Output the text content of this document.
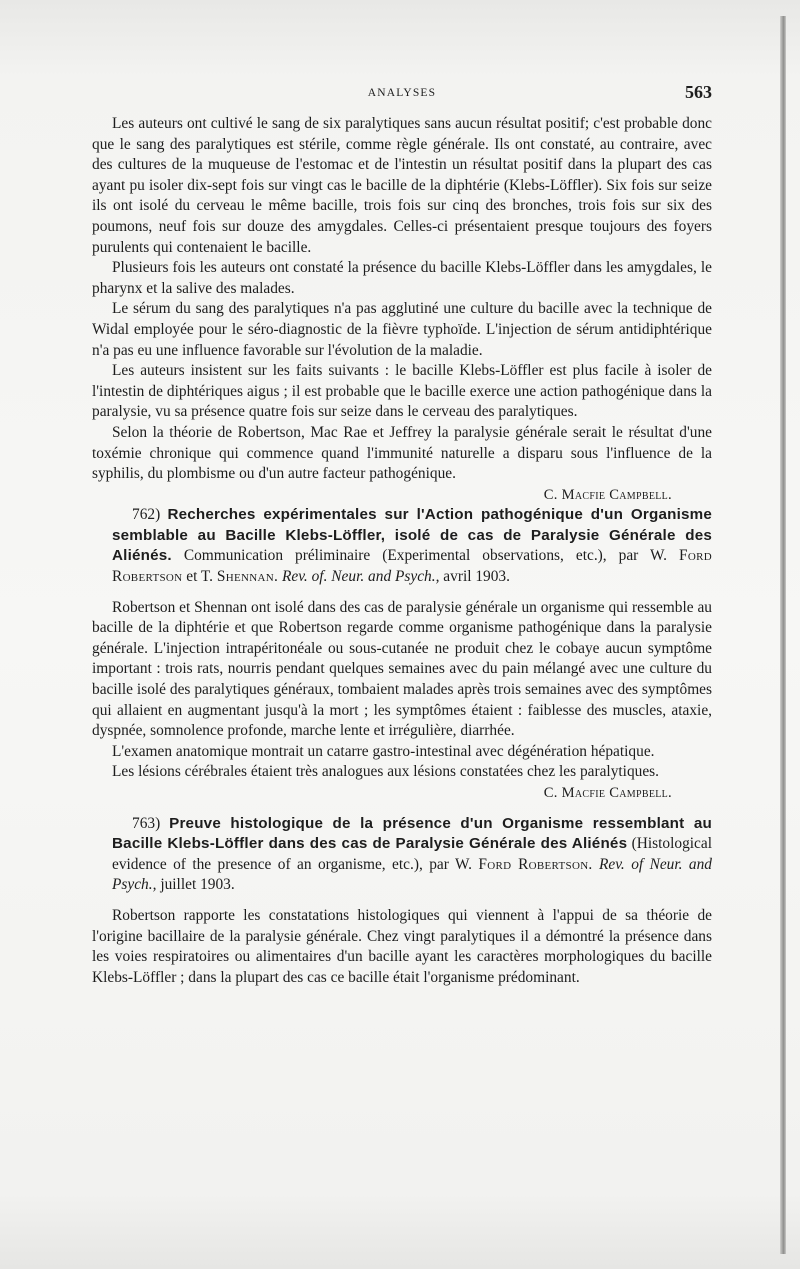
ANALYSES	563

Les auteurs ont cultivé le sang de six paralytiques sans aucun résultat positif; c'est probable donc que le sang des paralytiques est stérile, comme règle générale. Ils ont constaté, au contraire, avec des cultures de la muqueuse de l'estomac et de l'intestin un résultat positif dans la plupart des cas ayant pu isoler dix-sept fois sur vingt cas le bacille de la diphtérie (Klebs-Löffler). Six fois sur seize ils ont isolé du cerveau le même bacille, trois fois sur cinq des bronches, trois fois sur six des poumons, neuf fois sur douze des amygdales. Celles-ci présentaient presque toujours des foyers purulents qui contenaient le bacille.

Plusieurs fois les auteurs ont constaté la présence du bacille Klebs-Löffler dans les amygdales, le pharynx et la salive des malades.

Le sérum du sang des paralytiques n'a pas agglutiné une culture du bacille avec la technique de Widal employée pour le séro-diagnostic de la fièvre typhoïde. L'injection de sérum antidiphtérique n'a pas eu une influence favorable sur l'évolution de la maladie.

Les auteurs insistent sur les faits suivants : le bacille Klebs-Löffler est plus facile à isoler de l'intestin de diphtériques aigus ; il est probable que le bacille exerce une action pathogénique dans la paralysie, vu sa présence quatre fois sur seize dans le cerveau des paralytiques.

Selon la théorie de Robertson, Mac Rae et Jeffrey la paralysie générale serait le résultat d'une toxémie chronique qui commence quand l'immunité naturelle a disparu sous l'influence de la syphilis, du plombisme ou d'un autre facteur pathogénique.

C. Macfie Campbell.

762) Recherches expérimentales sur l'Action pathogénique d'un Organisme semblable au Bacille Klebs-Löffler, isolé de cas de Paralysie Générale des Aliénés. Communication préliminaire (Experimental observations, etc.), par W. Ford Robertson et T. Shennan. Rev. of. Neur. and Psych., avril 1903.

Robertson et Shennan ont isolé dans des cas de paralysie générale un organisme qui ressemble au bacille de la diphtérie et que Robertson regarde comme organisme pathogénique dans la paralysie générale. L'injection intrapéritonéale ou sous-cutanée ne produit chez le cobaye aucun symptôme important : trois rats, nourris pendant quelques semaines avec du pain mélangé avec une culture du bacille isolé des paralytiques généraux, tombaient malades après trois semaines avec des symptômes qui allaient en augmentant jusqu'à la mort ; les symptômes étaient : faiblesse des muscles, ataxie, dyspnée, somnolence profonde, marche lente et irrégulière, diarrhée.

L'examen anatomique montrait un catarre gastro-intestinal avec dégénération hépatique.

Les lésions cérébrales étaient très analogues aux lésions constatées chez les paralytiques.

C. Macfie Campbell.

763) Preuve histologique de la présence d'un Organisme ressemblant au Bacille Klebs-Löffler dans des cas de Paralysie Générale des Aliénés (Histological evidence of the presence of an organisme, etc.), par W. Ford Robertson. Rev. of Neur. and Psych., juillet 1903.

Robertson rapporte les constatations histologiques qui viennent à l'appui de sa théorie de l'origine bacillaire de la paralysie générale. Chez vingt paralytiques il a démontré la présence dans les voies respiratoires ou alimentaires d'un bacille ayant les caractères morphologiques du bacille Klebs-Löffler ; dans la plupart des cas ce bacille était l'organisme prédominant.
